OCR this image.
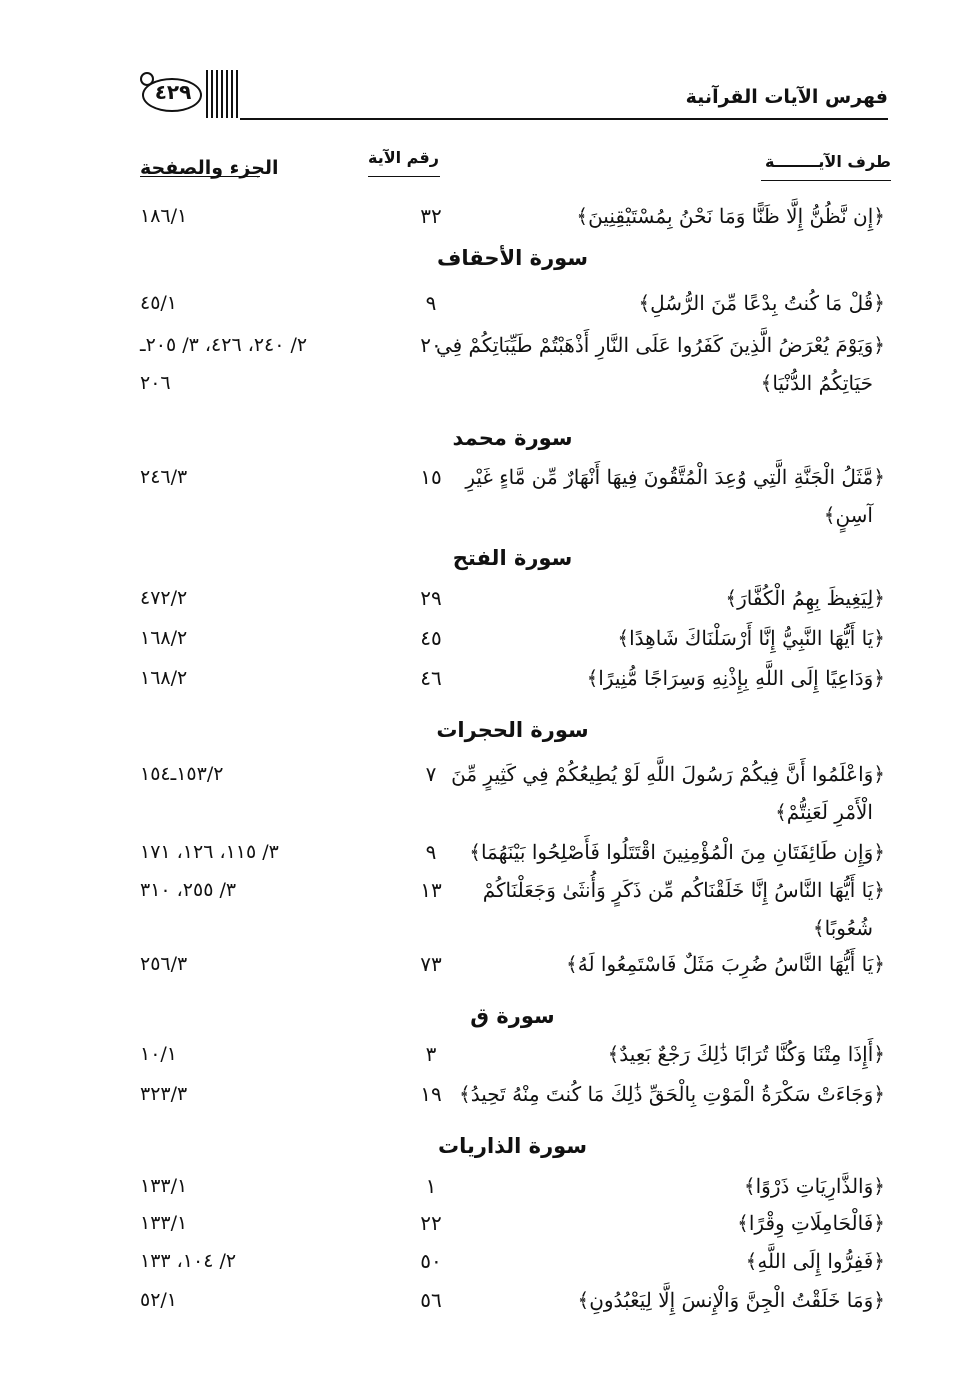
٤٢٩	فهرس الآيات القرآنية
طرف الآيــــــــة
رقم الآية
الجزء والصفحة
﴿إِن نَّظُنُّ إِلَّا ظَنًّا وَمَا نَحْنُ بِمُسْتَيْقِنِينَ﴾
٣٢
١٨٦/١
سورة الأحقاف
﴿قُلْ مَا كُنتُ بِدْعًا مِّنَ الرُّسُلِ﴾
٩
٤٥/١
﴿وَيَوْمَ يُعْرَضُ الَّذِينَ كَفَرُوا عَلَى النَّارِ أَذْهَبْتُمْ طَيِّبَاتِكُمْ فِي
حَيَاتِكُمُ الدُّنْيَا﴾
٢٠
٢/ ٢٤٠، ٤٢٦، ٣/ ٢٠٥ـ
٢٠٦
سورة محمد
﴿مَّثَلُ الْجَنَّةِ الَّتِي وُعِدَ الْمُتَّقُونَ فِيهَا أَنْهَارٌ مِّن مَّاءٍ غَيْرِ
آسِنٍ﴾
١٥
٢٤٦/٣
سورة الفتح
﴿لِيَغِيظَ بِهِمُ الْكُفَّارَ﴾
٢٩
٤٧٢/٢
﴿يَا أَيُّهَا النَّبِيُّ إِنَّا أَرْسَلْنَاكَ شَاهِدًا﴾
٤٥
١٦٨/٢
﴿وَدَاعِيًا إِلَى اللَّهِ بِإِذْنِهِ وَسِرَاجًا مُّنِيرًا﴾
٤٦
١٦٨/٢
سورة الحجرات
﴿وَاعْلَمُوا أَنَّ فِيكُمْ رَسُولَ اللَّهِ لَوْ يُطِيعُكُمْ فِي كَثِيرٍ مِّنَ
الْأَمْرِ لَعَنِتُّمْ﴾
٧
١٥٣/٢ـ١٥٤
﴿وَإِن طَائِفَتَانِ مِنَ الْمُؤْمِنِينَ اقْتَتَلُوا فَأَصْلِحُوا بَيْنَهُمَا﴾
٩
٣/ ١١٥، ١٢٦، ١٧١
﴿يَا أَيُّهَا النَّاسُ إِنَّا خَلَقْنَاكُم مِّن ذَكَرٍ وَأُنثَىٰ وَجَعَلْنَاكُمْ
شُعُوبًا﴾
١٣
٣/ ٢٥٥، ٣١٠
﴿يَا أَيُّهَا النَّاسُ ضُرِبَ مَثَلٌ فَاسْتَمِعُوا لَهُ﴾
٧٣
٢٥٦/٣
سورة ق
﴿أَإِذَا مِتْنَا وَكُنَّا تُرَابًا ذَٰلِكَ رَجْعٌ بَعِيدٌ﴾
٣
١٠/١
﴿وَجَاءَتْ سَكْرَةُ الْمَوْتِ بِالْحَقِّ ذَٰلِكَ مَا كُنتَ مِنْهُ تَحِيدُ﴾
١٩
٣٢٣/٣
سورة الذاريات
﴿وَالذَّارِيَاتِ ذَرْوًا﴾
١
١٣٣/١
﴿فَالْحَامِلَاتِ وِقْرًا﴾
٢٢
١٣٣/١
﴿فَفِرُّوا إِلَى اللَّهِ﴾
٥٠
٢/ ١٠٤، ١٣٣
﴿وَمَا خَلَقْتُ الْجِنَّ وَالْإِنسَ إِلَّا لِيَعْبُدُونِ﴾
٥٦
٥٢/١
